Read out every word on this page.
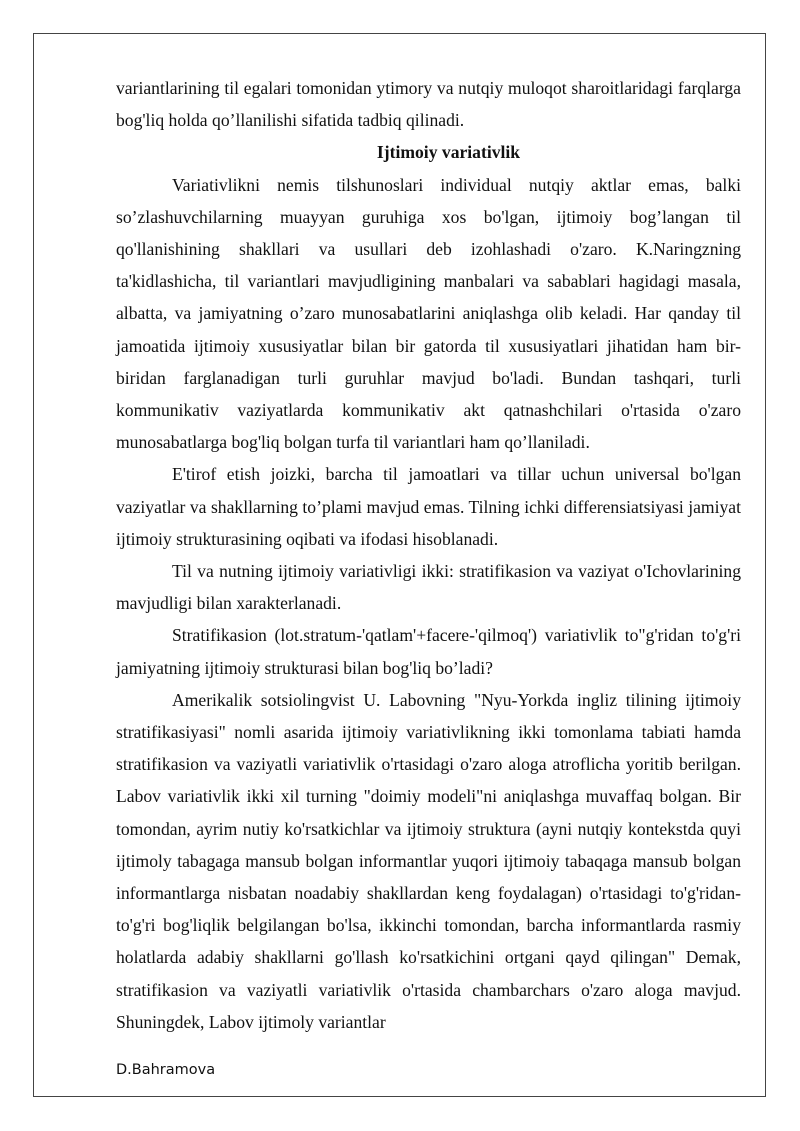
variantlarining til egalari tomonidan ytimory va nutqiy muloqot sharoitlaridagi farqlarga bog'liq holda qo’llanilishi sifatida tadbiq qilinadi.

Ijtimoiy variativlik

Variativlikni nemis tilshunoslari individual nutqiy aktlar emas, balki so’zlashuvchilarning muayyan guruhiga xos bo'lgan, ijtimoiy bog’langan til qo'llanishining shakllari va usullari deb izohlashadi o'zaro. K.Naringzning ta'kidlashicha, til variantlari mavjudligining manbalari va sabablari hagidagi masala, albatta, va jamiyatning o’zaro munosabatlarini aniqlashga olib keladi. Har qanday til jamoatida ijtimoiy xususiyatlar bilan bir gatorda til xususiyatlari jihatidan ham bir-biridan farglanadigan turli guruhlar mavjud bo'ladi. Bundan tashqari, turli kommunikativ vaziyatlarda kommunikativ akt qatnashchilari o'rtasida o'zaro munosabatlarga bog'liq bolgan turfa til variantlari ham qo’llaniladi.

E'tirof etish joizki, barcha til jamoatlari va tillar uchun universal bo'lgan vaziyatlar va shakllarning to’plami mavjud emas. Tilning ichki differensiatsiyasi jamiyat ijtimoiy strukturasining oqibati va ifodasi hisoblanadi.

Til va nutning ijtimoiy variativligi ikki: stratifikasion va vaziyat o'Ichovlarining mavjudligi bilan xarakterlanadi.

Stratifikasion (lot.stratum-'qatlam'+facere-'qilmoq') variativlik to"g'ridan to'g'ri jamiyatning ijtimoiy strukturasi bilan bog'liq bo’ladi?

Amerikalik sotsiolingvist U. Labovning "Nyu-Yorkda ingliz tilining ijtimoiy stratifikasiyasi" nomli asarida ijtimoiy variativlikning ikki tomonlama tabiati hamda stratifikasion va vaziyatli variativlik o'rtasidagi o'zaro aloga atroflicha yoritib berilgan. Labov variativlik ikki xil turning "doimiy modeli"ni aniqlashga muvaffaq bolgan. Bir tomondan, ayrim nutiy ko'rsatkichlar va ijtimoiy struktura (ayni nutqiy kontekstda quyi ijtimoly tabagaga mansub bolgan informantlar yuqori ijtimoiy tabaqaga mansub bolgan informantlarga nisbatan noadabiy shakllardan keng foydalagan) o'rtasidagi to'g'ridan-to'g'ri bog'liqlik belgilangan bo'lsa, ikkinchi tomondan, barcha informantlarda rasmiy holatlarda adabiy shakllarni go'llash ko'rsatkichini ortgani qayd qilingan" Demak, stratifikasion va vaziyatli variativlik o'rtasida chambarchars o'zaro aloga mavjud. Shuningdek, Labov ijtimoly variantlar

D.Bahramova
